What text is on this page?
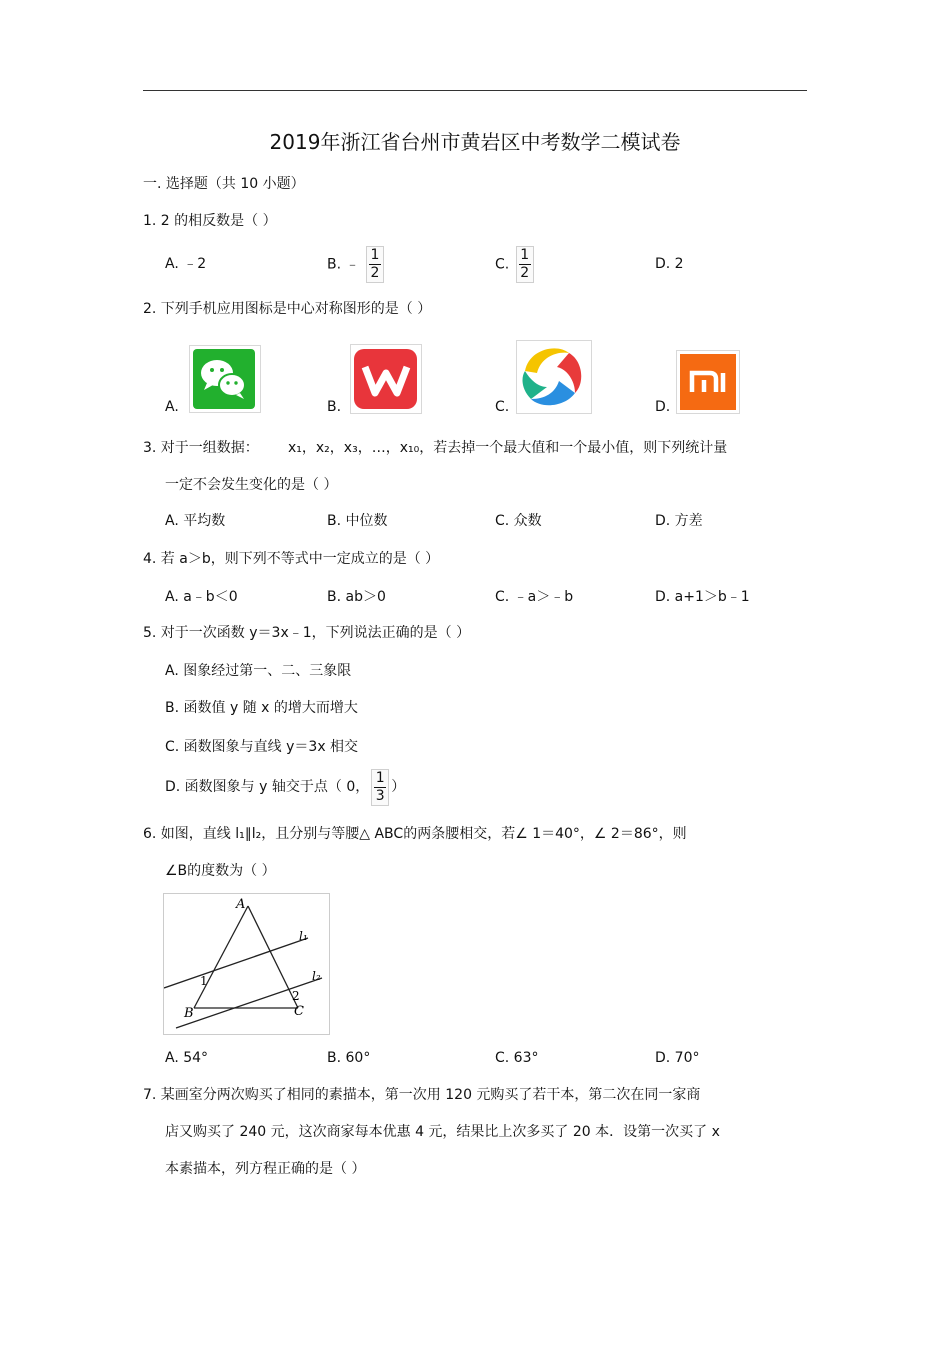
2019年浙江省台州市黄岩区中考数学二模试卷
一. 选择题（共 10 小题）
1. 2 的相反数是（ ）
A. ﹣2	B. ﹣ $\frac{1}{2}$	C. $\frac{1}{2}$	D. 2
2. 下列手机应用图标是中心对称图形的是（ ）
A.	B.	C.	D.
3. 对于一组数据： x₁，x₂，x₃，…，x₁₀，若去掉一个最大值和一个最小值，则下列统计量
一定不会发生变化的是（ ）
A. 平均数	B. 中位数	C. 众数	D. 方差
4. 若 a＞b，则下列不等式中一定成立的是（ ）
A. a﹣b＜0	B. ab＞0	C. ﹣a＞﹣b	D. a+1＞b﹣1
5. 对于一次函数 y＝3x﹣1，下列说法正确的是（ ）
A. 图象经过第一、二、三象限
B. 函数值 y 随 x 的增大而增大
C. 函数图象与直线 y＝3x 相交
D. 函数图象与 y 轴交于点（ 0， $\frac{1}{3}$ ）
6. 如图，直线 l₁∥l₂，且分别与等腰△ ABC的两条腰相交，若∠ 1＝40°，∠ 2＝86°，则
∠B的度数为（ ）
A
B	C
l₁
l₂
1
2
A. 54°	B. 60°	C. 63°	D. 70°
7. 某画室分两次购买了相同的素描本，第一次用 120 元购买了若干本，第二次在同一家商
店又购买了 240 元，这次商家每本优惠 4 元，结果比上次多买了 20 本．设第一次买了 x
本素描本，列方程正确的是（ ）
